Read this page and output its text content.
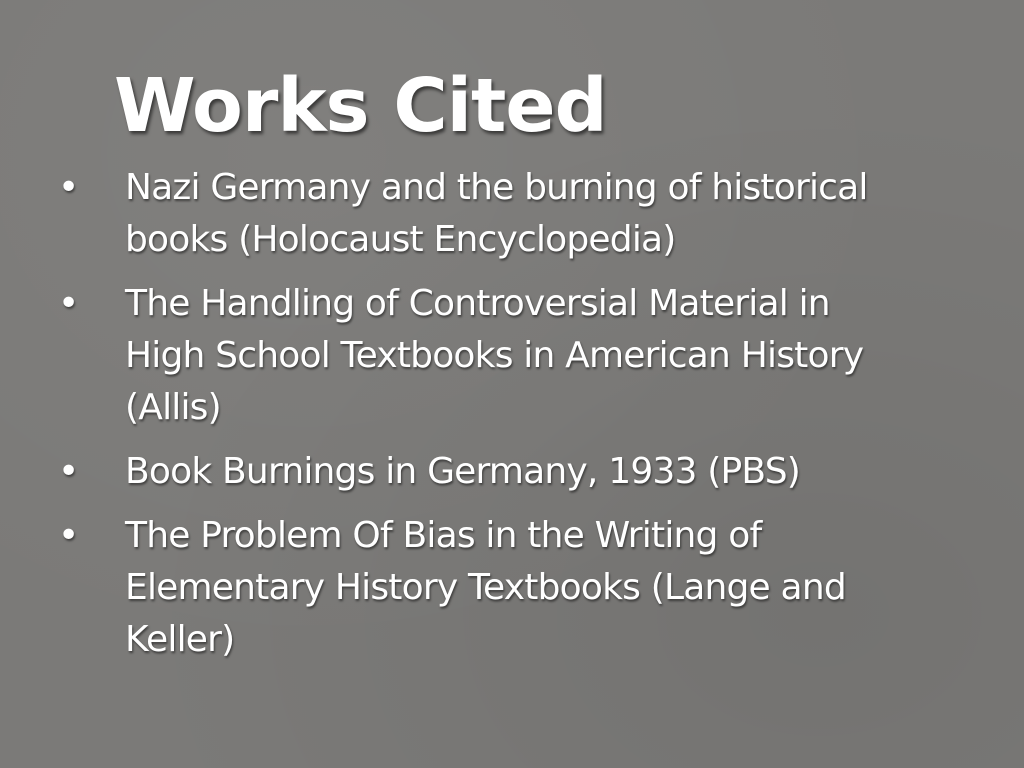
Works Cited
• Nazi Germany and the burning of historical books (Holocaust Encyclopedia)
• The Handling of Controversial Material in High School Textbooks in American History (Allis)
• Book Burnings in Germany, 1933 (PBS)
• The Problem Of Bias in the Writing of Elementary History Textbooks (Lange and Keller)
